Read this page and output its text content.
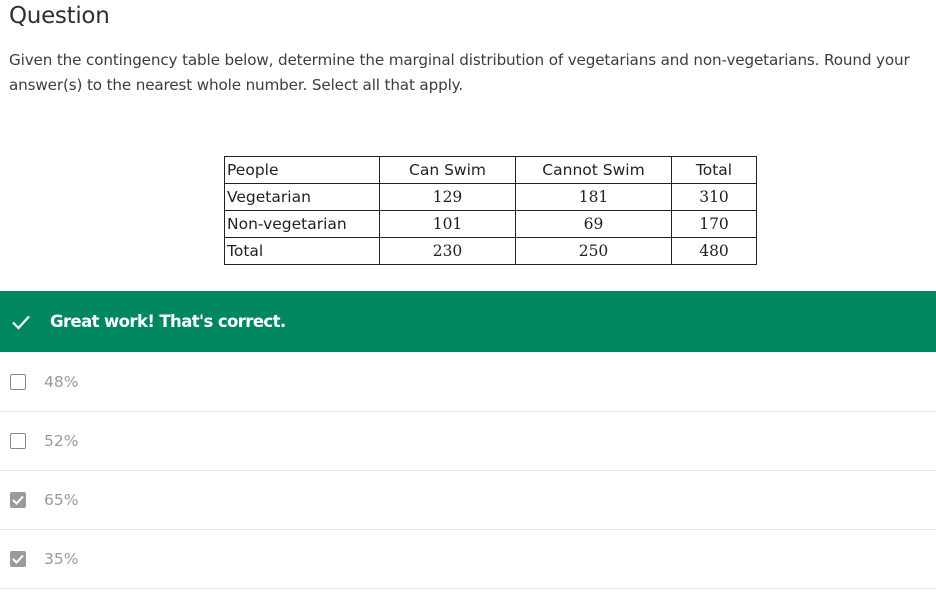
Question
Given the contingency table below, determine the marginal distribution of vegetarians and non-vegetarians. Round your answer(s) to the nearest whole number. Select all that apply.
People	Can Swim	Cannot Swim	Total
Vegetarian	129	181	310
Non-vegetarian	101	69	170
Total	230	250	480
Great work! That's correct.
48%
52%
65%
35%
